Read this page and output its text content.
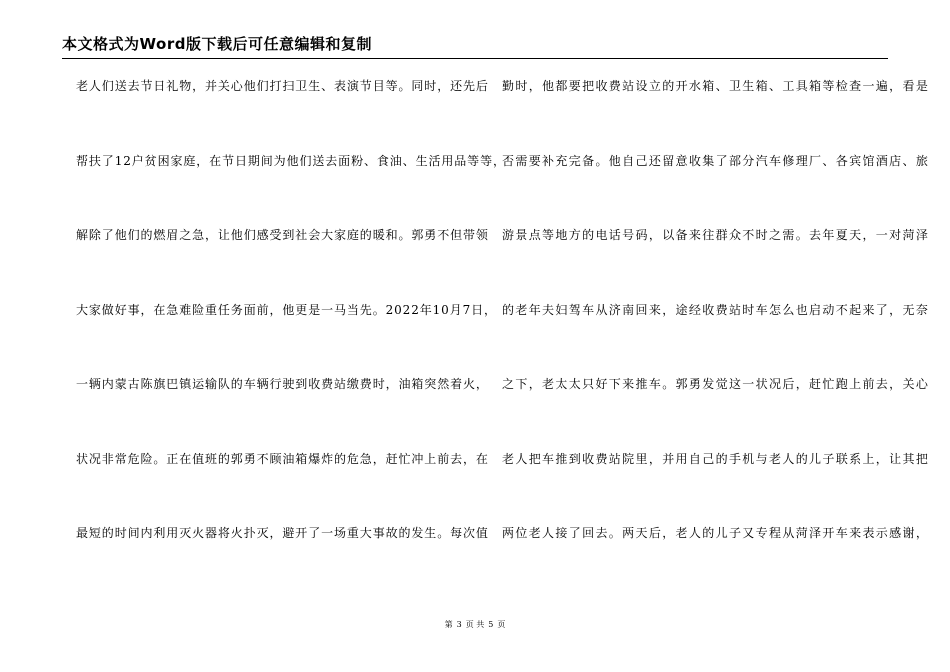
本文格式为Word版下载后可任意编辑和复制
老人们送去节日礼物，并关心他们打扫卫生、表演节目等。同时，还先后
帮扶了12户贫困家庭，在节日期间为他们送去面粉、食油、生活用品等等，
解除了他们的燃眉之急，让他们感受到社会大家庭的暖和。郭勇不但带领
大家做好事，在急难险重任务面前，他更是一马当先。2022年10月7日，
一辆内蒙古陈旗巴镇运输队的车辆行驶到收费站缴费时，油箱突然着火，
状况非常危险。正在值班的郭勇不顾油箱爆炸的危急，赶忙冲上前去，在
最短的时间内利用灭火器将火扑灭，避开了一场重大事故的发生。每次值
勤时，他都要把收费站设立的开水箱、卫生箱、工具箱等检查一遍，看是
否需要补充完备。他自己还留意收集了部分汽车修理厂、各宾馆酒店、旅
游景点等地方的电话号码，以备来往群众不时之需。去年夏天，一对菏泽
的老年夫妇驾车从济南回来，途经收费站时车怎么也启动不起来了，无奈
之下，老太太只好下来推车。郭勇发觉这一状况后，赶忙跑上前去，关心
老人把车推到收费站院里，并用自己的手机与老人的儿子联系上，让其把
两位老人接了回去。两天后，老人的儿子又专程从菏泽开车来表示感谢，
第 3 页 共 5 页
